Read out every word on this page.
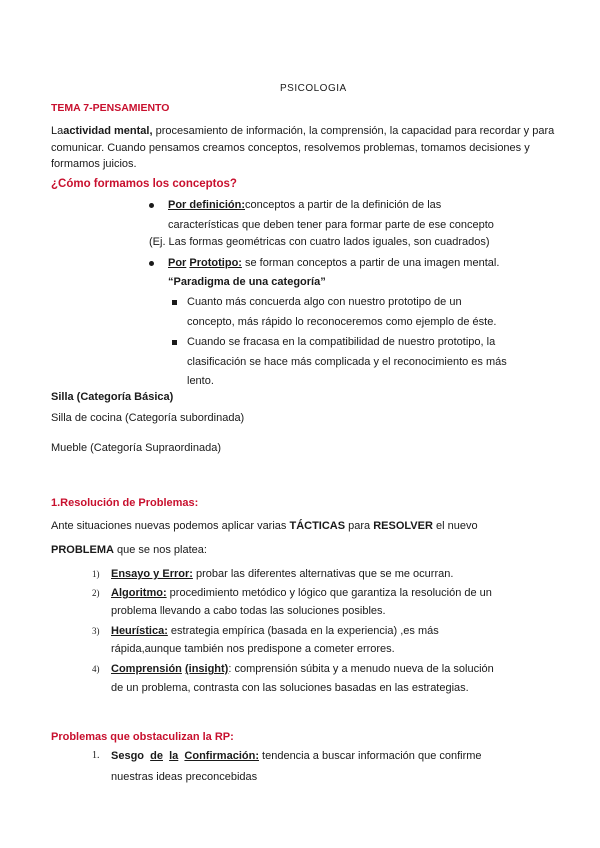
PSICOLOGIA
TEMA 7-PENSAMIENTO
Laactividad mental, procesamiento de información, la comprensión, la capacidad para recordar y para
comunicar. Cuando pensamos creamos conceptos, resolvemos problemas, tomamos decisiones y
formamos juicios.
¿Cómo formamos los conceptos?
Por definición:conceptos a partir de la definición de las
características que deben tener para formar parte de ese concepto
(Ej. Las formas geométricas con cuatro lados iguales, son cuadrados)
Por Prototipo: se forman conceptos a partir de una imagen mental.
“Paradigma de una categoría”
Cuanto más concuerda algo con nuestro prototipo de un
concepto, más rápido lo reconoceremos como ejemplo de éste.
Cuando se fracasa en la compatibilidad de nuestro prototipo, la
clasificación se hace más complicada y el reconocimiento es más
lento.
Silla (Categoría Básica)
Silla de cocina (Categoría subordinada)
Mueble (Categoría Supraordinada)
1.Resolución de Problemas:
Ante situaciones nuevas podemos aplicar varias TÁCTICAS para RESOLVER el nuevo
PROBLEMA que se nos platea:
1) Ensayo y Error: probar las diferentes alternativas que se me ocurran.
2) Algoritmo: procedimiento metódico y lógico que garantiza la resolución de un
problema llevando a cabo todas las soluciones posibles.
3) Heurística: estrategia empírica (basada en la experiencia) ,es más
rápida,aunque también nos predispone a cometer errores.
4) Comprensión (insight): comprensión súbita y a menudo nueva de la solución
de un problema, contrasta con las soluciones basadas en las estrategias.
Problemas que obstaculizan la RP:
1. Sesgo de la Confirmación: tendencia a buscar información que confirme
nuestras ideas preconcebidas
